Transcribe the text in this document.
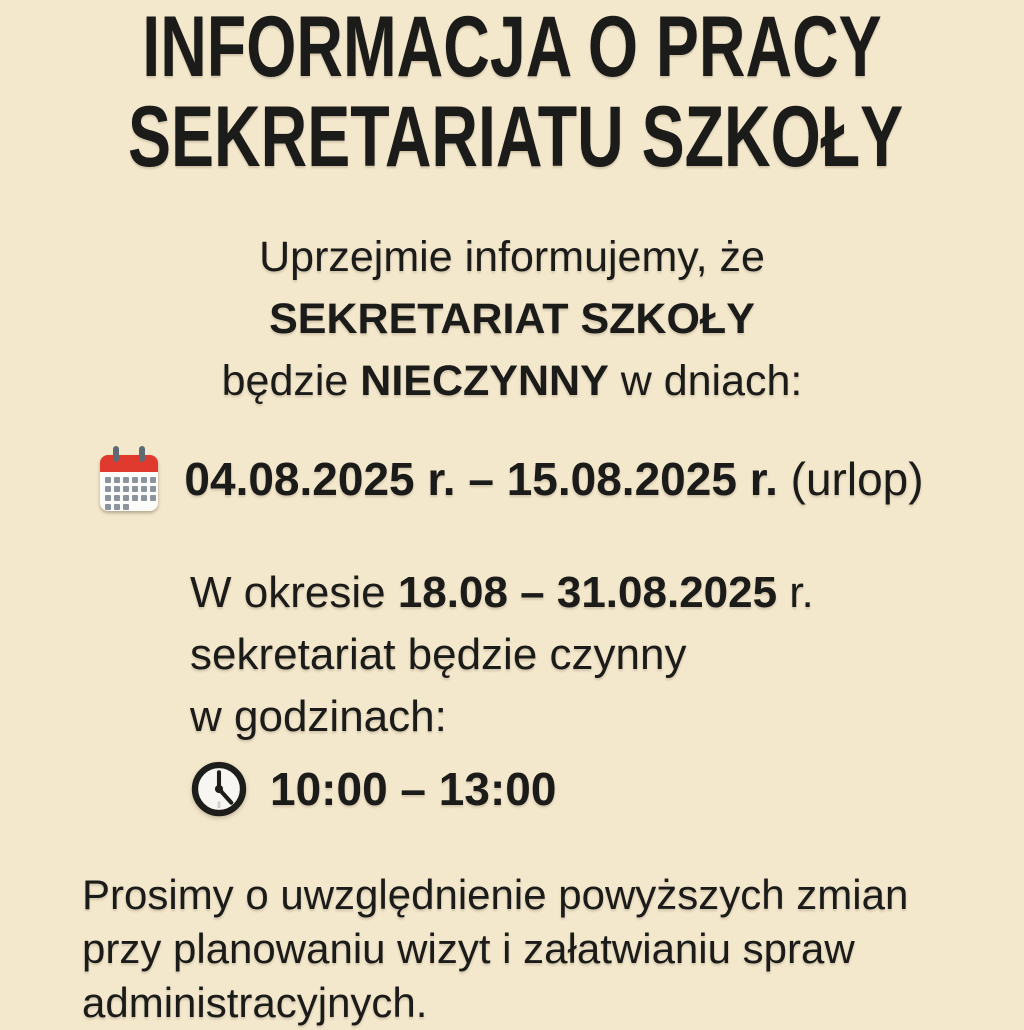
INFORMACJA O PRACY
SEKRETARIATU SZKOŁY

Uprzejmie informujemy, że

SEKRETARIAT SZKOŁY

będzie NIECZYNNY w dniach:

04.08.2025 r. – 15.08.2025 r. (urlop)

W okresie 18.08 – 31.08.2025 r.

sekretariat będzie czynny

w godzinach:

10:00 – 13:00

Prosimy o uwzględnienie powyższych zmian

przy planowaniu wizyt i załatwianiu spraw

administracyjnych.
